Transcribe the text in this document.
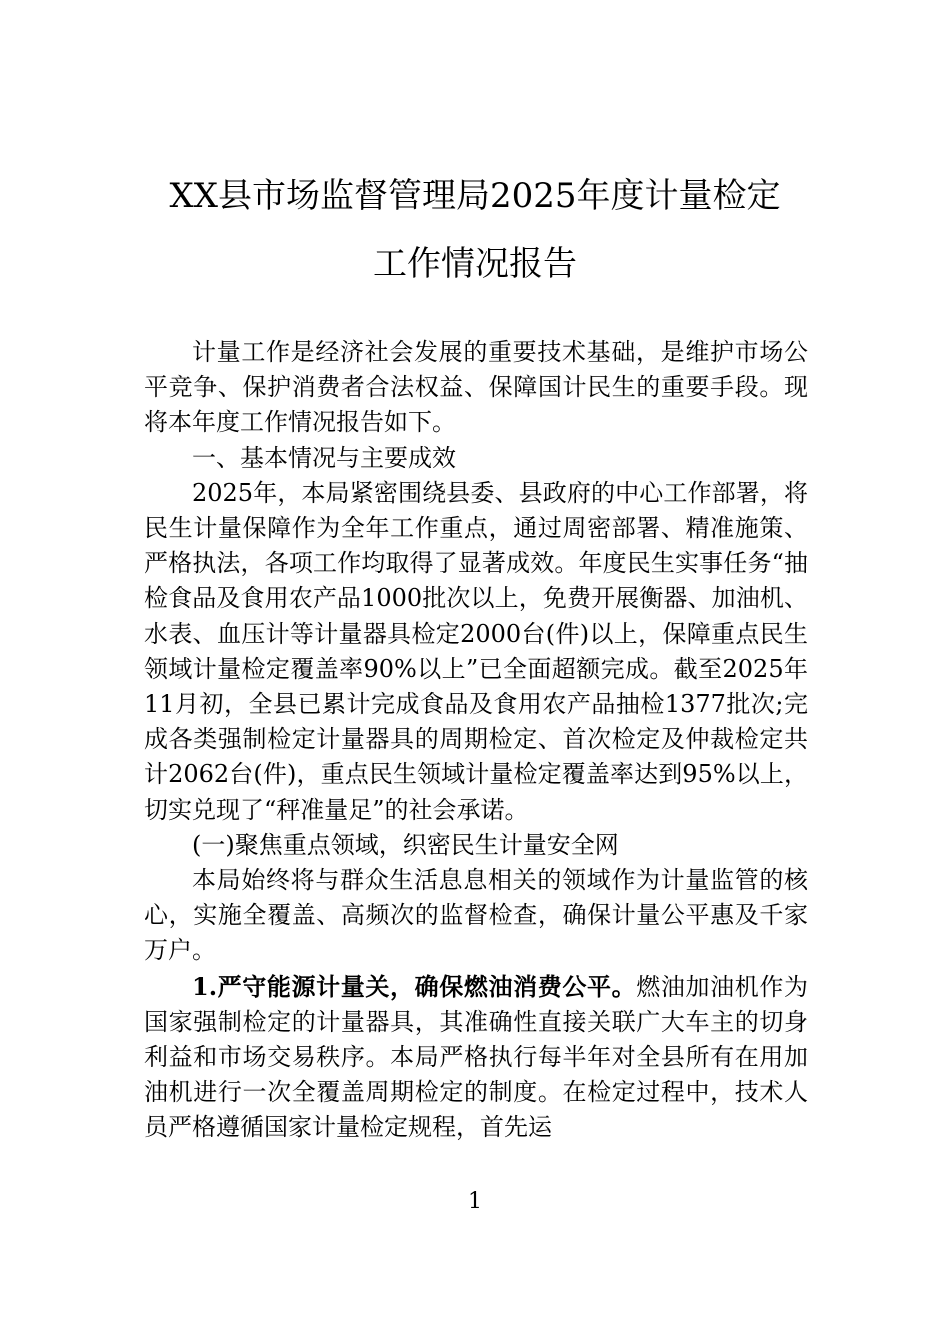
XX县市场监督管理局2025年度计量检定
工作情况报告

计量工作是经济社会发展的重要技术基础，是维护市场公平竞争、保护消费者合法权益、保障国计民生的重要手段。现将本年度工作情况报告如下。

一、基本情况与主要成效

2025年，本局紧密围绕县委、县政府的中心工作部署，将民生计量保障作为全年工作重点，通过周密部署、精准施策、严格执法，各项工作均取得了显著成效。年度民生实事任务“抽检食品及食用农产品1000批次以上，免费开展衡器、加油机、水表、血压计等计量器具检定2000台(件)以上，保障重点民生领域计量检定覆盖率90%以上”已全面超额完成。截至2025年11月初，全县已累计完成食品及食用农产品抽检1377批次;完成各类强制检定计量器具的周期检定、首次检定及仲裁检定共计2062台(件)，重点民生领域计量检定覆盖率达到95%以上，切实兑现了“秤准量足”的社会承诺。

(一)聚焦重点领域，织密民生计量安全网

本局始终将与群众生活息息相关的领域作为计量监管的核心，实施全覆盖、高频次的监督检查，确保计量公平惠及千家万户。

1.严守能源计量关，确保燃油消费公平。燃油加油机作为国家强制检定的计量器具，其准确性直接关联广大车主的切身利益和市场交易秩序。本局严格执行每半年对全县所有在用加油机进行一次全覆盖周期检定的制度。在检定过程中，技术人员严格遵循国家计量检定规程，首先运

1
